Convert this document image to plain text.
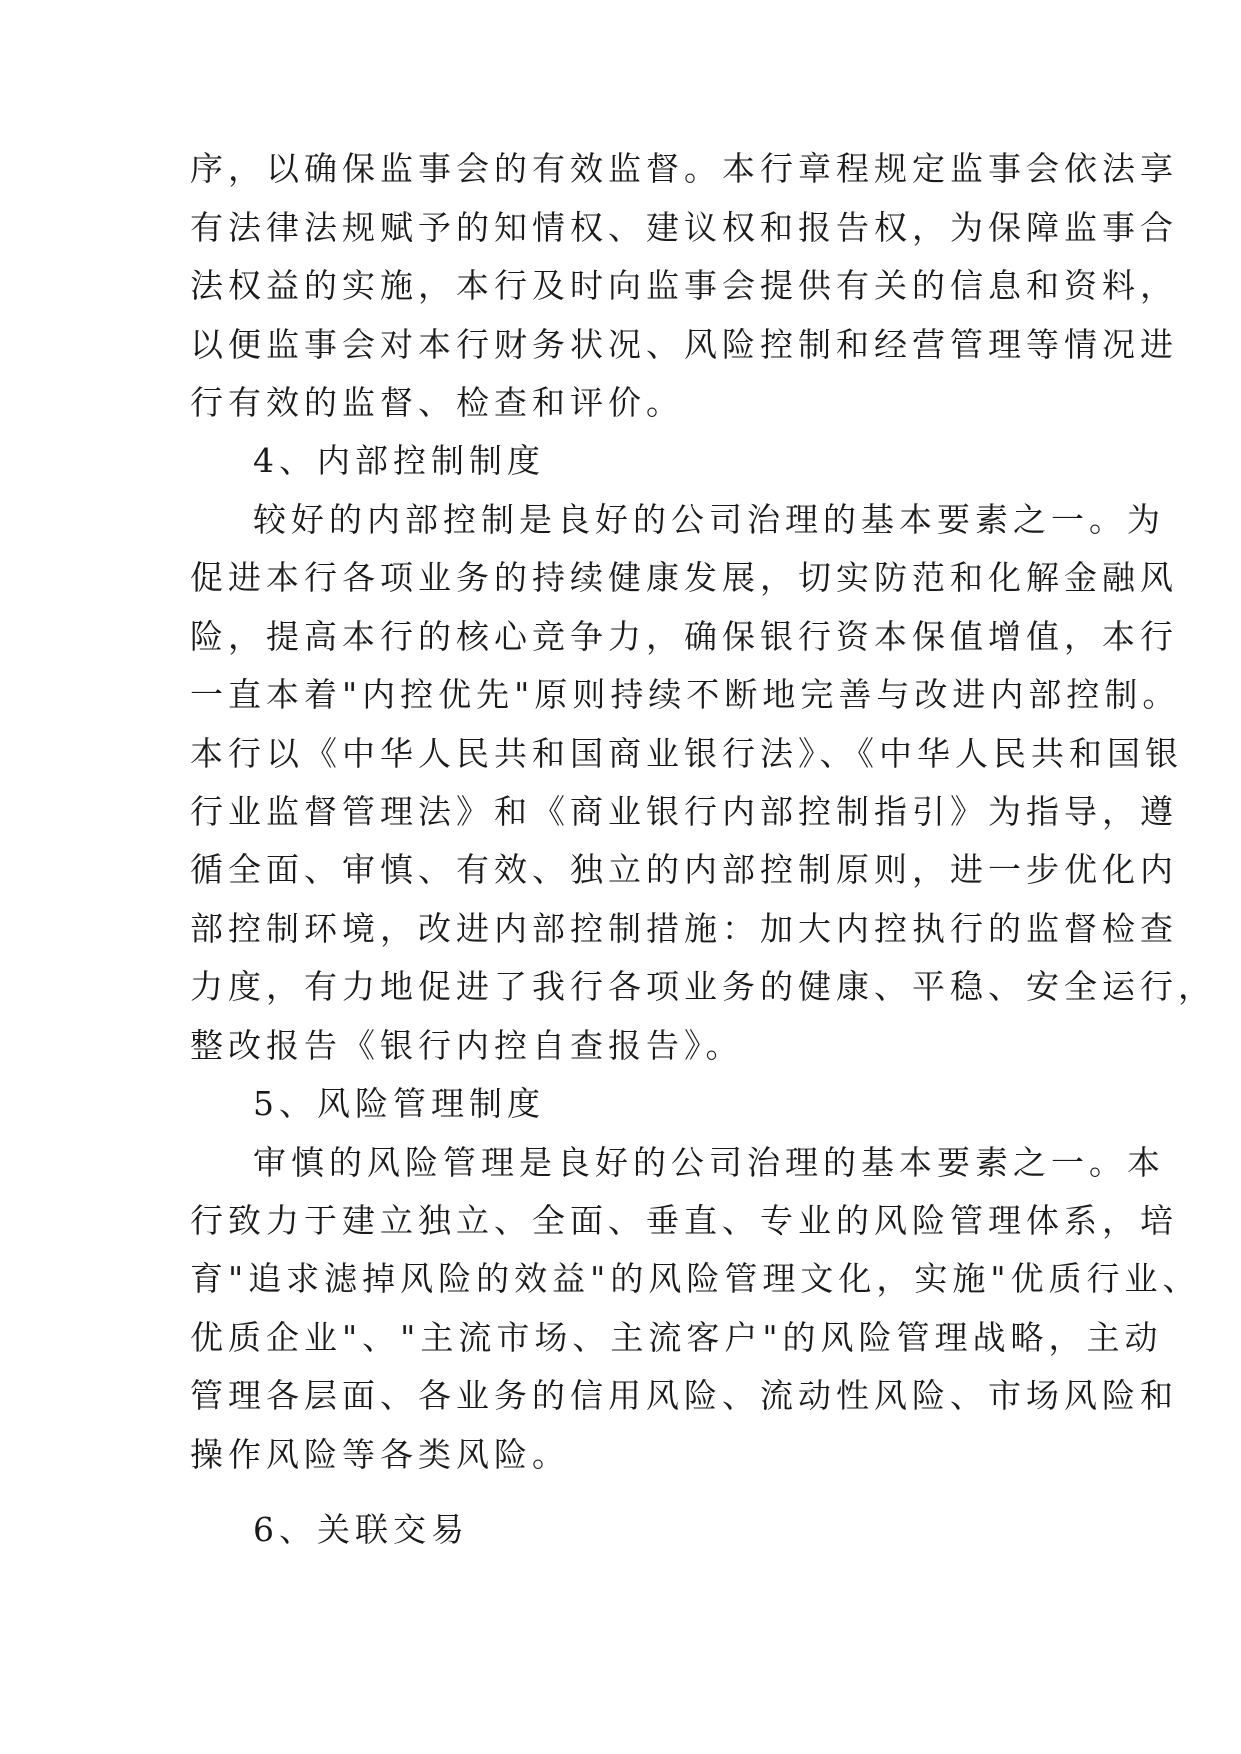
序，以确保监事会的有效监督。本行章程规定监事会依法享

有法律法规赋予的知情权、建议权和报告权，为保障监事合

法权益的实施，本行及时向监事会提供有关的信息和资料，

以便监事会对本行财务状况、风险控制和经营管理等情况进

行有效的监督、检查和评价。

4、内部控制制度

较好的内部控制是良好的公司治理的基本要素之一。为

促进本行各项业务的持续健康发展，切实防范和化解金融风

险，提高本行的核心竞争力，确保银行资本保值增值，本行

一直本着"内控优先"原则持续不断地完善与改进内部控制。

本行以《中华人民共和国商业银行法》、《中华人民共和国银

行业监督管理法》和《商业银行内部控制指引》为指导，遵

循全面、审慎、有效、独立的内部控制原则，进一步优化内

部控制环境，改进内部控制措施：加大内控执行的监督检查

力度，有力地促进了我行各项业务的健康、平稳、安全运行，

整改报告《银行内控自查报告》。

5、风险管理制度

审慎的风险管理是良好的公司治理的基本要素之一。本

行致力于建立独立、全面、垂直、专业的风险管理体系，培

育"追求滤掉风险的效益"的风险管理文化，实施"优质行业、

优质企业"、"主流市场、主流客户"的风险管理战略，主动

管理各层面、各业务的信用风险、流动性风险、市场风险和

操作风险等各类风险。

6、关联交易
